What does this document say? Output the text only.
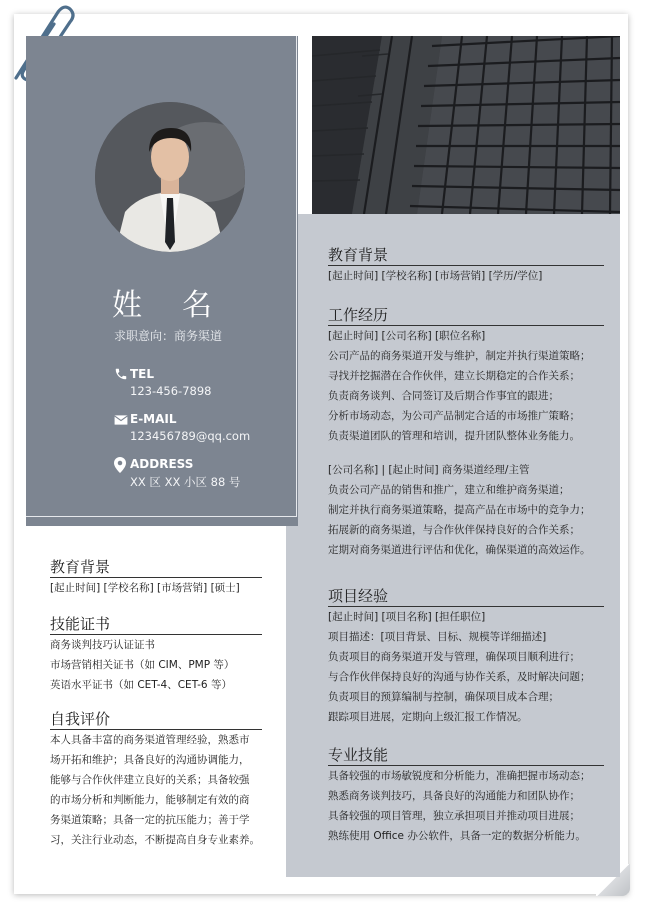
姓名
求职意向：商务渠道
TEL
123-456-7898
E-MAIL
123456789@qq.com
ADDRESS
XX 区 XX 小区 88 号
教育背景
[起止时间] [学校名称] [市场营销] [硕士]
技能证书
商务谈判技巧认证证书
市场营销相关证书（如 CIM、PMP 等）
英语水平证书（如 CET-4、CET-6 等）
自我评价
本人具备丰富的商务渠道管理经验，熟悉市
场开拓和维护；具备良好的沟通协调能力，
能够与合作伙伴建立良好的关系；具备较强
的市场分析和判断能力，能够制定有效的商
务渠道策略；具备一定的抗压能力；善于学
习，关注行业动态，不断提高自身专业素养。
教育背景
[起止时间] [学校名称] [市场营销] [学历/学位]
工作经历
[起止时间] [公司名称] [职位名称]
公司产品的商务渠道开发与维护，制定并执行渠道策略；
寻找并挖掘潜在合作伙伴，建立长期稳定的合作关系；
负责商务谈判、合同签订及后期合作事宜的跟进；
分析市场动态，为公司产品制定合适的市场推广策略；
负责渠道团队的管理和培训，提升团队整体业务能力。
[公司名称] | [起止时间] 商务渠道经理/主管
负责公司产品的销售和推广，建立和维护商务渠道；
制定并执行商务渠道策略，提高产品在市场中的竞争力；
拓展新的商务渠道，与合作伙伴保持良好的合作关系；
定期对商务渠道进行评估和优化，确保渠道的高效运作。
项目经验
[起止时间] [项目名称] [担任职位]
项目描述：[项目背景、目标、规模等详细描述]
负责项目的商务渠道开发与管理，确保项目顺利进行；
与合作伙伴保持良好的沟通与协作关系，及时解决问题；
负责项目的预算编制与控制，确保项目成本合理；
跟踪项目进展，定期向上级汇报工作情况。
专业技能
具备较强的市场敏锐度和分析能力，准确把握市场动态；
熟悉商务谈判技巧，具备良好的沟通能力和团队协作；
具备较强的项目管理，独立承担项目并推动项目进展；
熟练使用 Office 办公软件，具备一定的数据分析能力。
